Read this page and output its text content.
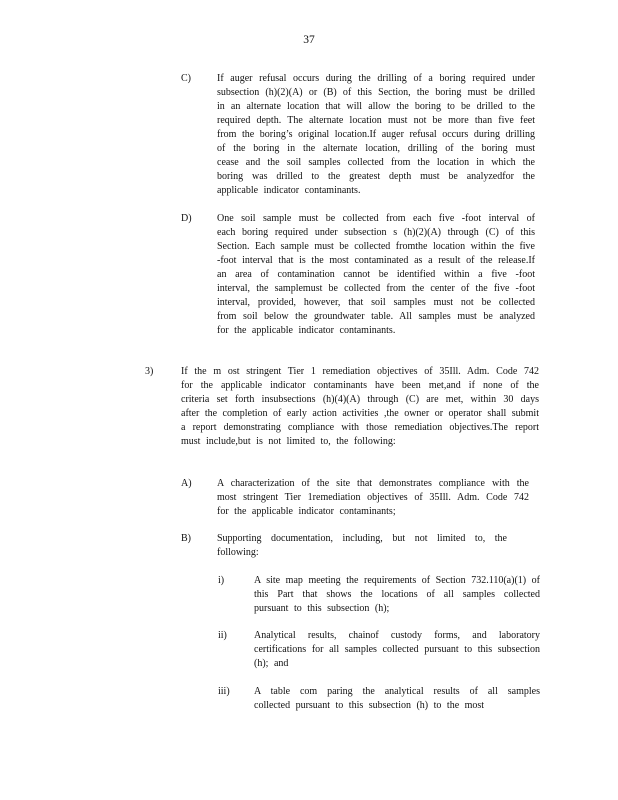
37
C)	If auger refusal occurs during the drilling of a boring required under subsection (h)(2)(A) or (B) of this Section, the boring must be drilled in an alternate location that will allow the boring to be drilled to the required depth. The alternate location must not be more than five feet from the boring’s original location.If auger refusal occurs during drilling of the boring in the alternate location, drilling of the boring must cease and the soil samples collected from the location in which the boring was drilled to the greatest depth must be analyzedfor the applicable indicator contaminants.
D)	One soil sample must be collected from each five -foot interval of each boring required under subsection s (h)(2)(A) through (C) of this Section. Each sample must be collected fromthe location within the five -foot interval that is the most contaminated as a result of the release.If an area of contamination cannot be identified within a five -foot interval, the samplemust be collected from the center of the five -foot interval, provided, however, that soil samples must not be collected from soil below the groundwater table. All samples must be analyzed for the applicable indicator contaminants.
3)	If the m ost stringent Tier 1 remediation objectives of 35Ill. Adm. Code 742 for the applicable indicator contaminants have been met,and if none of the criteria set forth insubsections (h)(4)(A) through (C) are met, within 30 days after the completion of early action activities ,the owner or operator shall submit a report demonstrating compliance with those remediation objectives.The report must include,but is not limited to, the following:
A)	A characterization of the site that demonstrates compliance with the most stringent Tier 1remediation objectives of 35Ill. Adm. Code 742 for the applicable indicator contaminants;
B)	Supporting documentation, including, but not limited to, the following:
i)	A site map meeting the requirements of Section 732.110(a)(1) of this Part that shows the locations of all samples collected pursuant to this subsection (h);
ii)	Analytical results, chainof custody forms, and laboratory certifications for all samples collected pursuant to this subsection (h); and
iii) A table com paring the analytical results of all samples collected pursuant to this subsection (h) to the most
